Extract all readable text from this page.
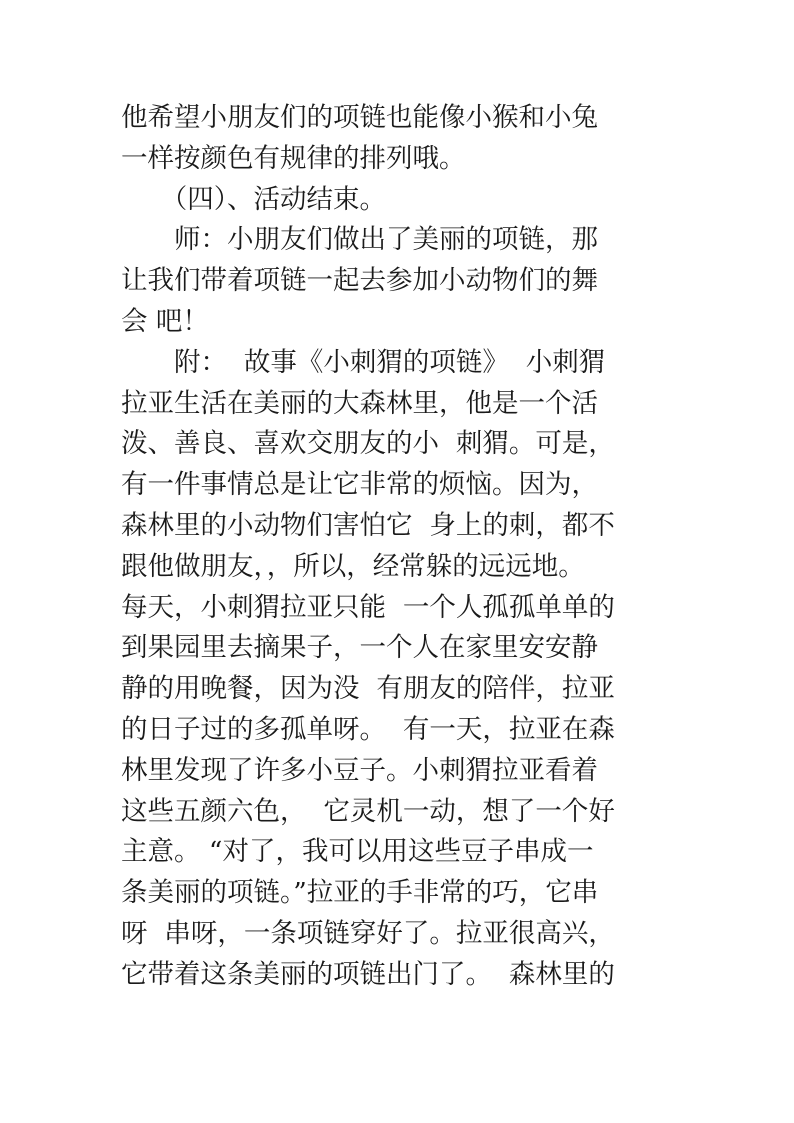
他希望小朋友们的项链也能像小猴和小兔
一样按颜色有规律的排列哦。
　　（四）、活动结束。
　　师：小朋友们做出了美丽的项链，那
让我们带着项链一起去参加小动物们的舞
会 吧！
　　附：  故事《小刺猬的项链》  小刺猬
拉亚生活在美丽的大森林里，他是一个活
泼、善良、喜欢交朋友的小  刺猬。可是，
有一件事情总是让它非常的烦恼。因为，
森林里的小动物们害怕它  身上的刺，都不
跟他做朋友，，所以，经常躲的远远地。
每天，小刺猬拉亚只能  一个人孤孤单单的
到果园里去摘果子，一个人在家里安安静
静的用晚餐，因为没  有朋友的陪伴，拉亚
的日子过的多孤单呀。  有一天，拉亚在森
林里发现了许多小豆子。小刺猬拉亚看着
这些五颜六色，  它灵机一动，想了一个好
主意。 “对了，我可以用这些豆子串成一
条美丽的项链。”拉亚的手非常的巧，它串
呀  串呀，一条项链穿好了。拉亚很高兴，
它带着这条美丽的项链出门了。  森林里的
